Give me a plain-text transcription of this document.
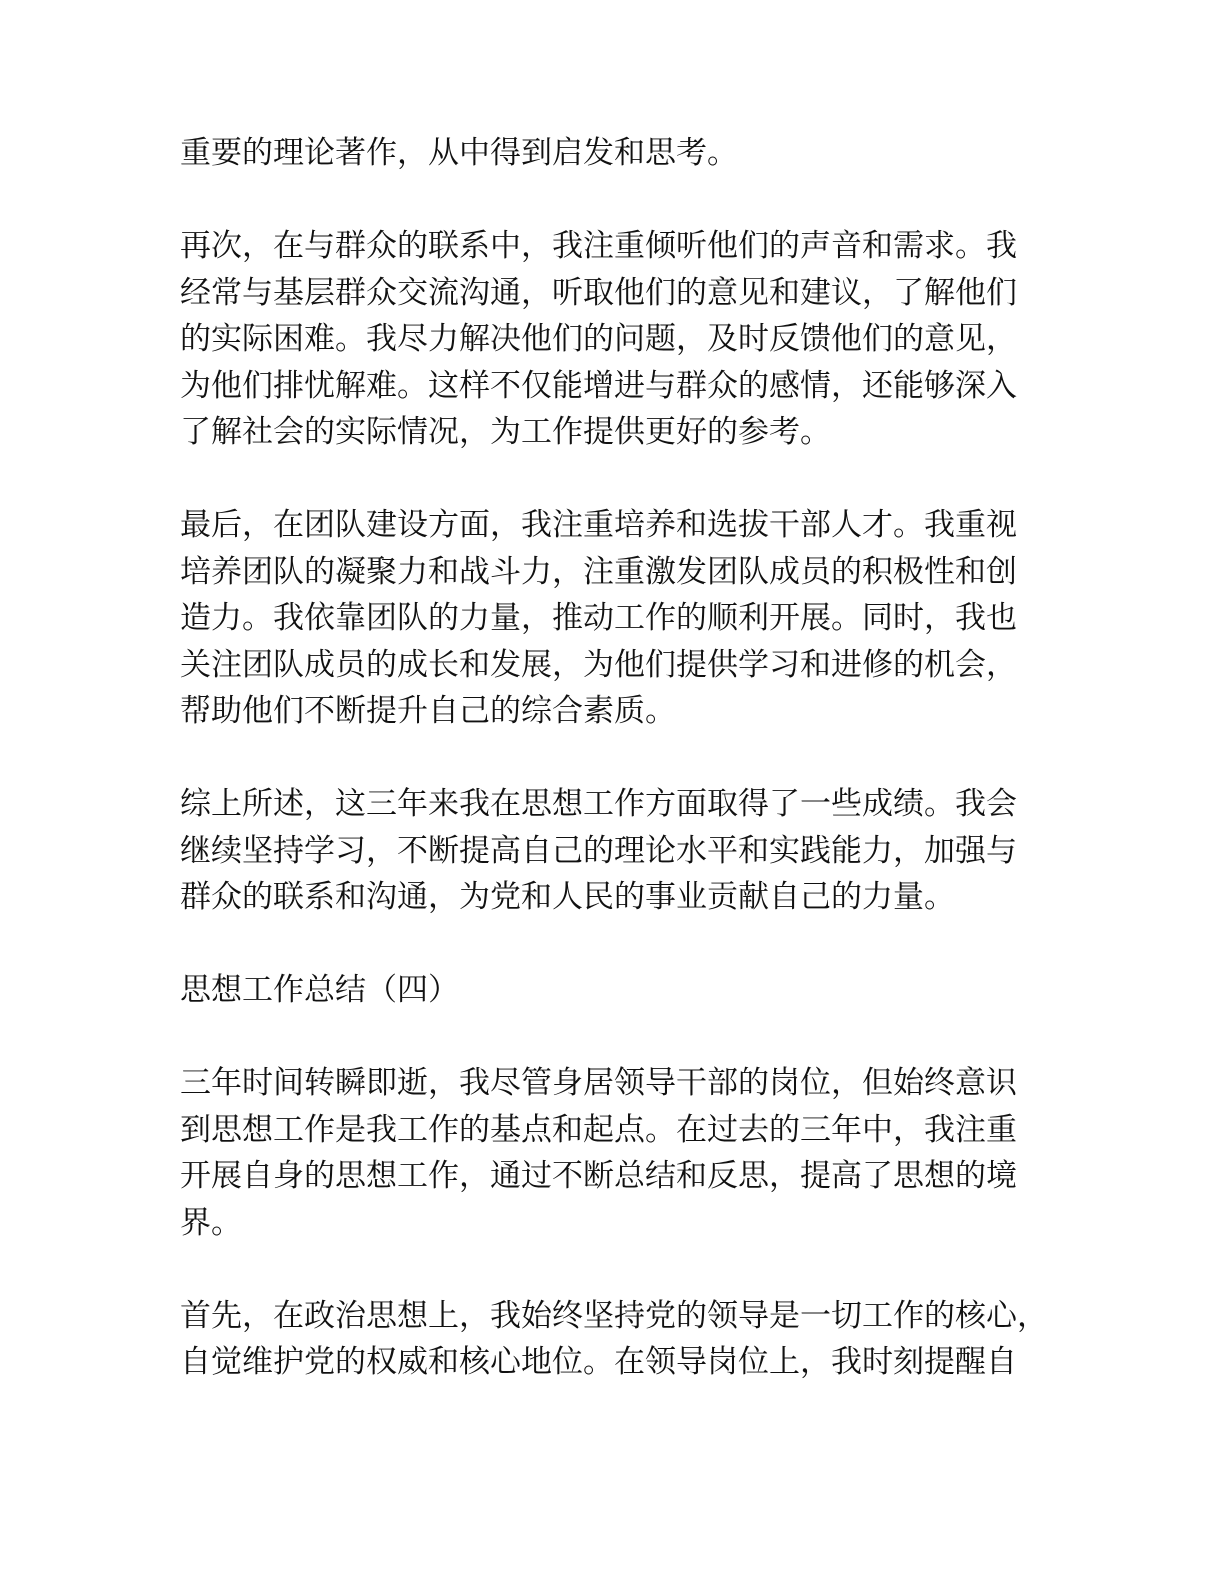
重要的理论著作，从中得到启发和思考。

再次，在与群众的联系中，我注重倾听他们的声音和需求。我
经常与基层群众交流沟通，听取他们的意见和建议，了解他们
的实际困难。我尽力解决他们的问题，及时反馈他们的意见，
为他们排忧解难。这样不仅能增进与群众的感情，还能够深入
了解社会的实际情况，为工作提供更好的参考。

最后，在团队建设方面，我注重培养和选拔干部人才。我重视
培养团队的凝聚力和战斗力，注重激发团队成员的积极性和创
造力。我依靠团队的力量，推动工作的顺利开展。同时，我也
关注团队成员的成长和发展，为他们提供学习和进修的机会，
帮助他们不断提升自己的综合素质。

综上所述，这三年来我在思想工作方面取得了一些成绩。我会
继续坚持学习，不断提高自己的理论水平和实践能力，加强与
群众的联系和沟通，为党和人民的事业贡献自己的力量。

思想工作总结（四）

三年时间转瞬即逝，我尽管身居领导干部的岗位，但始终意识
到思想工作是我工作的基点和起点。在过去的三年中，我注重
开展自身的思想工作，通过不断总结和反思，提高了思想的境
界。

首先，在政治思想上，我始终坚持党的领导是一切工作的核心，
自觉维护党的权威和核心地位。在领导岗位上，我时刻提醒自
